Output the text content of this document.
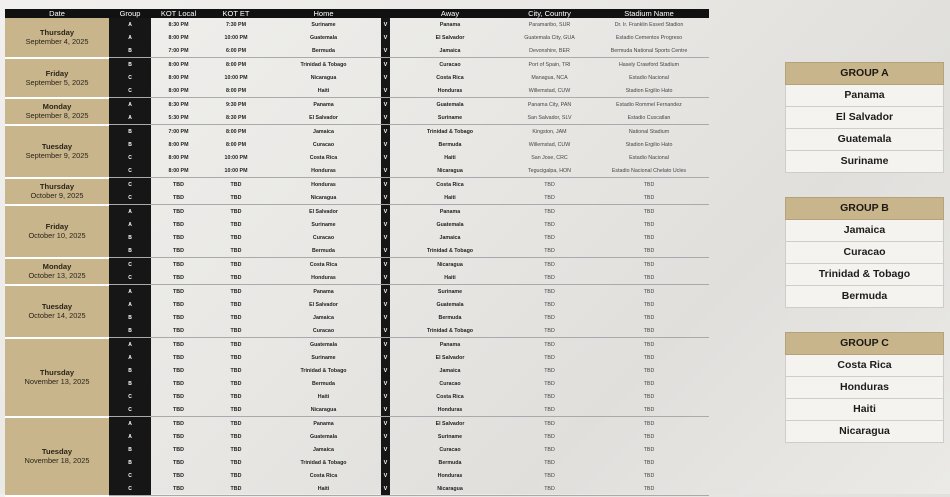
Date	Group	KOT Local	KOT ET	Home		Away	City, Country	Stadium Name

Thursday
September 4, 2025	A	8:30 PM	7:30 PM	Suriname	V	Panama	Paramaribo, SUR	Dr. Ir. Franklin Essed Stadion
	A	8:00 PM	10:00 PM	Guatemala	V	El Salvador	Guatemala City, GUA	Estadio Cementos Progreso
	B	7:00 PM	6:00 PM	Bermuda	V	Jamaica	Devonshire, BER	Bermuda National Sports Centre

Friday
September 5, 2025	B	8:00 PM	8:00 PM	Trinidad & Tobago	V	Curacao	Port of Spain, TRI	Hasely Crawford Stadium
	C	8:00 PM	10:00 PM	Nicaragua	V	Costa Rica	Managua, NCA	Estadio Nacional
	C	8:00 PM	8:00 PM	Haiti	V	Honduras	Willemstad, CUW	Stadion Ergilio Hato

Monday
September 8, 2025	A	8:30 PM	9:30 PM	Panama	V	Guatemala	Panama City, PAN	Estadio Rommel Fernandez
	A	5:30 PM	8:30 PM	El Salvador	V	Suriname	San Salvador, SLV	Estadio Cuscatlan

Tuesday
September 9, 2025	B	7:00 PM	8:00 PM	Jamaica	V	Trinidad & Tobago	Kingston, JAM	National Stadium
	B	8:00 PM	8:00 PM	Curacao	V	Bermuda	Willemstad, CUW	Stadion Ergilio Hato
	C	8:00 PM	10:00 PM	Costa Rica	V	Haiti	San Jose, CRC	Estadio Nacional
	C	8:00 PM	10:00 PM	Honduras	V	Nicaragua	Tegucigalpa, HON	Estadio Nacional Chelato Ucles

Thursday
October 9, 2025	C	TBD	TBD	Honduras	V	Costa Rica	TBD	TBD
	C	TBD	TBD	Nicaragua	V	Haiti	TBD	TBD

Friday
October 10, 2025	A	TBD	TBD	El Salvador	V	Panama	TBD	TBD
	A	TBD	TBD	Suriname	V	Guatemala	TBD	TBD
	B	TBD	TBD	Curacao	V	Jamaica	TBD	TBD
	B	TBD	TBD	Bermuda	V	Trinidad & Tobago	TBD	TBD

Monday
October 13, 2025	C	TBD	TBD	Costa Rica	V	Nicaragua	TBD	TBD
	C	TBD	TBD	Honduras	V	Haiti	TBD	TBD

Tuesday
October 14, 2025	A	TBD	TBD	Panama	V	Suriname	TBD	TBD
	A	TBD	TBD	El Salvador	V	Guatemala	TBD	TBD
	B	TBD	TBD	Jamaica	V	Bermuda	TBD	TBD
	B	TBD	TBD	Curacao	V	Trinidad & Tobago	TBD	TBD

Thursday
November 13, 2025	A	TBD	TBD	Guatemala	V	Panama	TBD	TBD
	A	TBD	TBD	Suriname	V	El Salvador	TBD	TBD
	B	TBD	TBD	Trinidad & Tobago	V	Jamaica	TBD	TBD
	B	TBD	TBD	Bermuda	V	Curacao	TBD	TBD
	C	TBD	TBD	Haiti	V	Costa Rica	TBD	TBD
	C	TBD	TBD	Nicaragua	V	Honduras	TBD	TBD

Tuesday
November 18, 2025	A	TBD	TBD	Panama	V	El Salvador	TBD	TBD
	A	TBD	TBD	Guatemala	V	Suriname	TBD	TBD
	B	TBD	TBD	Jamaica	V	Curacao	TBD	TBD
	B	TBD	TBD	Trinidad & Tobago	V	Bermuda	TBD	TBD
	C	TBD	TBD	Costa Rica	V	Honduras	TBD	TBD
	C	TBD	TBD	Haiti	V	Nicaragua	TBD	TBD
GROUP A
Panama
El Salvador
Guatemala
Suriname
GROUP B
Jamaica
Curacao
Trinidad & Tobago
Bermuda
GROUP C
Costa Rica
Honduras
Haiti
Nicaragua
